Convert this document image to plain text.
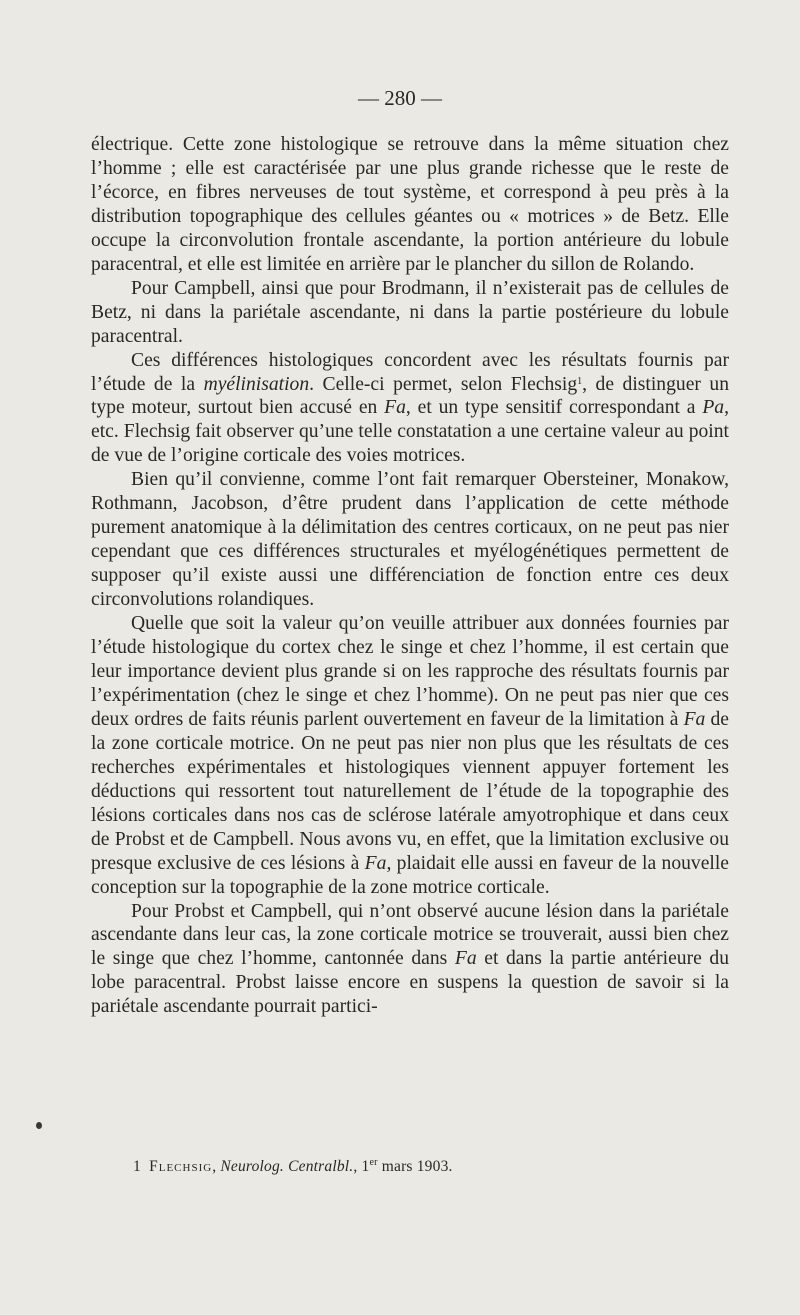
— 280 —

électrique. Cette zone histologique se retrouve dans la même situation chez l’homme ; elle est caractérisée par une plus grande richesse que le reste de l’écorce, en fibres nerveuses de tout système, et correspond à peu près à la distribution topographique des cellules géantes ou « motrices » de Betz. Elle occupe la circonvolution frontale ascendante, la portion antérieure du lobule paracentral, et elle est limitée en arrière par le plancher du sillon de Rolando.

Pour Campbell, ainsi que pour Brodmann, il n’existerait pas de cellules de Betz, ni dans la pariétale ascendante, ni dans la partie postérieure du lobule paracentral.

Ces différences histologiques concordent avec les résultats fournis par l’étude de la myélinisation. Celle-ci permet, selon Flechsig$^1$, de distinguer un type moteur, surtout bien accusé en Fa, et un type sensitif correspondant a Pa, etc. Flechsig fait observer qu’une telle constatation a une certaine valeur au point de vue de l’origine corticale des voies motrices.

Bien qu’il convienne, comme l’ont fait remarquer Obersteiner, Monakow, Rothmann, Jacobson, d’être prudent dans l’application de cette méthode purement anatomique à la délimitation des centres corticaux, on ne peut pas nier cependant que ces différences structurales et myélogénétiques permettent de supposer qu’il existe aussi une différenciation de fonction entre ces deux circonvolutions rolandiques.

Quelle que soit la valeur qu’on veuille attribuer aux données fournies par l’étude histologique du cortex chez le singe et chez l’homme, il est certain que leur importance devient plus grande si on les rapproche des résultats fournis par l’expérimentation (chez le singe et chez l’homme). On ne peut pas nier que ces deux ordres de faits réunis parlent ouvertement en faveur de la limitation à Fa de la zone corticale motrice. On ne peut pas nier non plus que les résultats de ces recherches expérimentales et histologiques viennent appuyer fortement les déductions qui ressortent tout naturellement de l’étude de la topographie des lésions corticales dans nos cas de sclérose latérale amyotrophique et dans ceux de Probst et de Campbell. Nous avons vu, en effet, que la limitation exclusive ou presque exclusive de ces lésions à Fa, plaidait elle aussi en faveur de la nouvelle conception sur la topographie de la zone motrice corticale.

Pour Probst et Campbell, qui n’ont observé aucune lésion dans la pariétale ascendante dans leur cas, la zone corticale motrice se trouverait, aussi bien chez le singe que chez l’homme, cantonnée dans Fa et dans la partie antérieure du lobe paracentral. Probst laisse encore en suspens la question de savoir si la pariétale ascendante pourrait partici-

1 Flechsig, Neurolog. Centralbl., 1er mars 1903.
